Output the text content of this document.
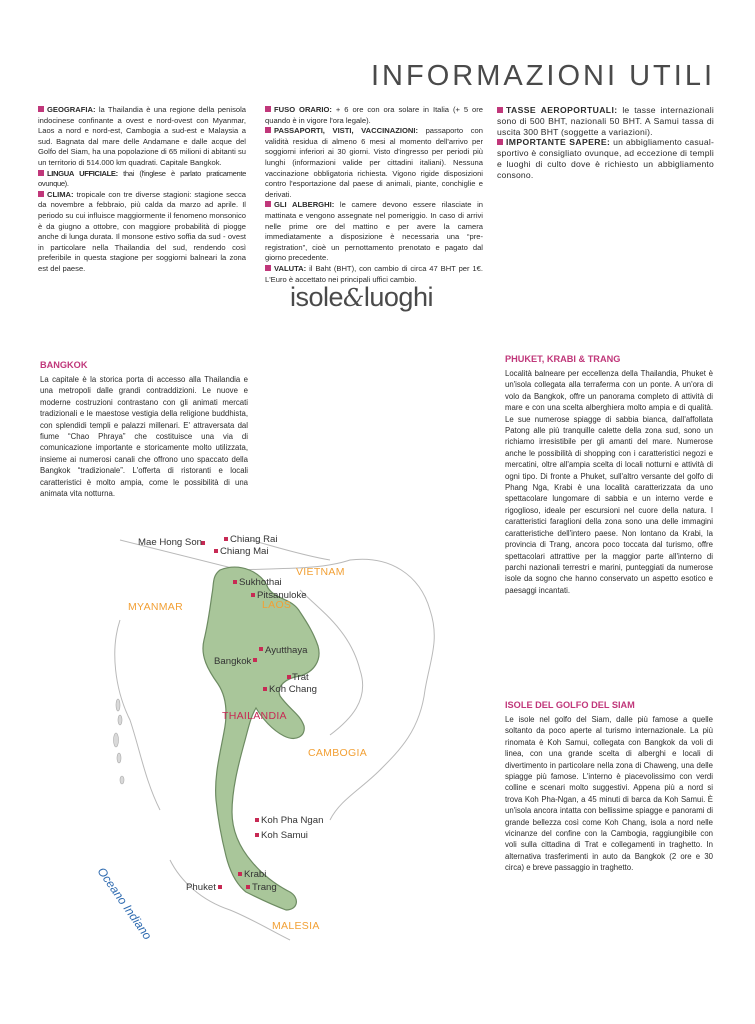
INFORMAZIONI UTILI

GEOGRAFIA: la Thailandia è una regione della penisola indocinese confinante a ovest e nord-ovest con Myanmar, Laos a nord e nord-est, Cambogia a sud-est e Malaysia a sud. Bagnata dal mare delle Andamane e dalle acque del Golfo del Siam, ha una popolazione di 65 milioni di abitanti su un territorio di 514.000 km quadrati. Capitale Bangkok.

LINGUA UFFICIALE: thai (l'inglese è parlato praticamente ovunque).

CLIMA: tropicale con tre diverse stagioni: stagione secca da novembre a febbraio, più calda da marzo ad aprile. Il periodo su cui influisce maggiormente il fenomeno monsonico è da giugno a ottobre, con maggiore probabilità di piogge anche di lunga durata. Il monsone estivo soffia da sud - ovest in particolare nella Thailandia del sud, rendendo così preferibile in questa stagione per soggiorni balneari la zona est del paese.

FUSO ORARIO: + 6 ore con ora solare in Italia (+ 5 ore quando è in vigore l'ora legale).

PASSAPORTI, VISTI, VACCINAZIONI: passaporto con validità residua di almeno 6 mesi al momento dell'arrivo per soggiorni inferiori ai 30 giorni. Visto d'ingresso per periodi più lunghi (informazioni valide per cittadini italiani). Nessuna vaccinazione obbligatoria richiesta. Vigono rigide disposizioni contro l'esportazione dal paese di animali, piante, conchiglie e derivati.

GLI ALBERGHI: le camere devono essere rilasciate in mattinata e vengono assegnate nel pomeriggio. In caso di arrivi nelle prime ore del mattino e per avere la camera immediatamente a disposizione è necessaria una “pre-registration”, cioè un pernottamento prenotato e pagato dal giorno precedente.

VALUTA: il Baht (BHT), con cambio di circa 47 BHT per 1€. L'Euro è accettato nei principali uffici cambio.

TASSE AEROPORTUALI: le tasse internazionali sono di 500 BHT, nazionali 50 BHT. A Samui tassa di uscita 300 BHT (soggette a variazioni).

IMPORTANTE SAPERE: un abbigliamento casual-sportivo è consigliato ovunque, ad eccezione di templi e luoghi di culto dove è richiesto un abbigliamento consono.

isole&luoghi
BANGKOK
La capitale è la storica porta di accesso alla Thailandia e una metropoli dalle grandi contraddizioni. Le nuove e moderne costruzioni contrastano con gli animati mercati tradizionali e le maestose vestigia della religione buddhista, con splendidi templi e palazzi millenari. E' attraversata dal fiume “Chao Phraya” che costituisce una via di comunicazione importante e storicamente molto utilizzata, insieme ai numerosi canali che offrono uno spaccato della Bangkok “tradizionale”. L'offerta di ristoranti e locali caratteristici è molto ampia, come le possibilità di una animata vita notturna.
PHUKET, KRABI & TRANG
Località balneare per eccellenza della Thailandia, Phuket è un'isola collegata alla terraferma con un ponte. A un'ora di volo da Bangkok, offre un panorama completo di attività di mare e con una scelta alberghiera molto ampia e di qualità. Le sue numerose spiagge di sabbia bianca, dall'affollata Patong alle più tranquille calette della zona sud, sono un richiamo irresistibile per gli amanti del mare. Numerose anche le possibilità di shopping con i caratteristici negozi e mercatini, oltre all'ampia scelta di locali notturni e attività di ogni tipo. Di fronte a Phuket, sull'altro versante del golfo di Phang Nga, Krabi è una località caratterizzata da uno spettacolare lungomare di sabbia e un interno verde e rigoglioso, ideale per escursioni nel cuore della natura. I caratteristici faraglioni della zona sono una delle immagini caratteristiche dell'intero paese. Non lontano da Krabi, la provincia di Trang, ancora poco toccata dal turismo, offre spettacolari attrattive per la maggior parte all'interno di parchi nazionali terrestri e marini, punteggiati da numerose isole da sogno che hanno conservato un aspetto esotico e paesaggi incantati.
ISOLE DEL GOLFO DEL SIAM
Le isole nel golfo del Siam, dalle più famose a quelle soltanto da poco aperte al turismo internazionale. La più rinomata è Koh Samui, collegata con Bangkok da voli di linea, con una grande scelta di alberghi e locali di divertimento in particolare nella zona di Chaweng, una delle spiagge più famose. L'interno è piacevolissimo con verdi colline e scenari molto suggestivi. Appena più a nord si trova Koh Pha-Ngan, a 45 minuti di barca da Koh Samui. È un'isola ancora intatta con bellissime spiagge e panorami di grande bellezza così come Koh Chang, isola a nord nelle vicinanze del confine con la Cambogia, raggiungibile con voli sulla cittadina di Trat e collegamenti in traghetto. In alternativa trasferimenti in auto da Bangkok (2 ore e 30 circa) e breve passaggio in traghetto.
Mae Hong Son	Chiang Rai
Chiang Mai
Sukhothai
Pitsanuloke
Ayutthaya
Bangkok
Trat
Koh Chang
Koh Pha Ngan
Koh Samui
Krabi
Phuket	Trang
VIETNAM
MYANMAR	LAOS
THAILANDIA
CAMBOGIA
MALESIA
Oceano Indiano
